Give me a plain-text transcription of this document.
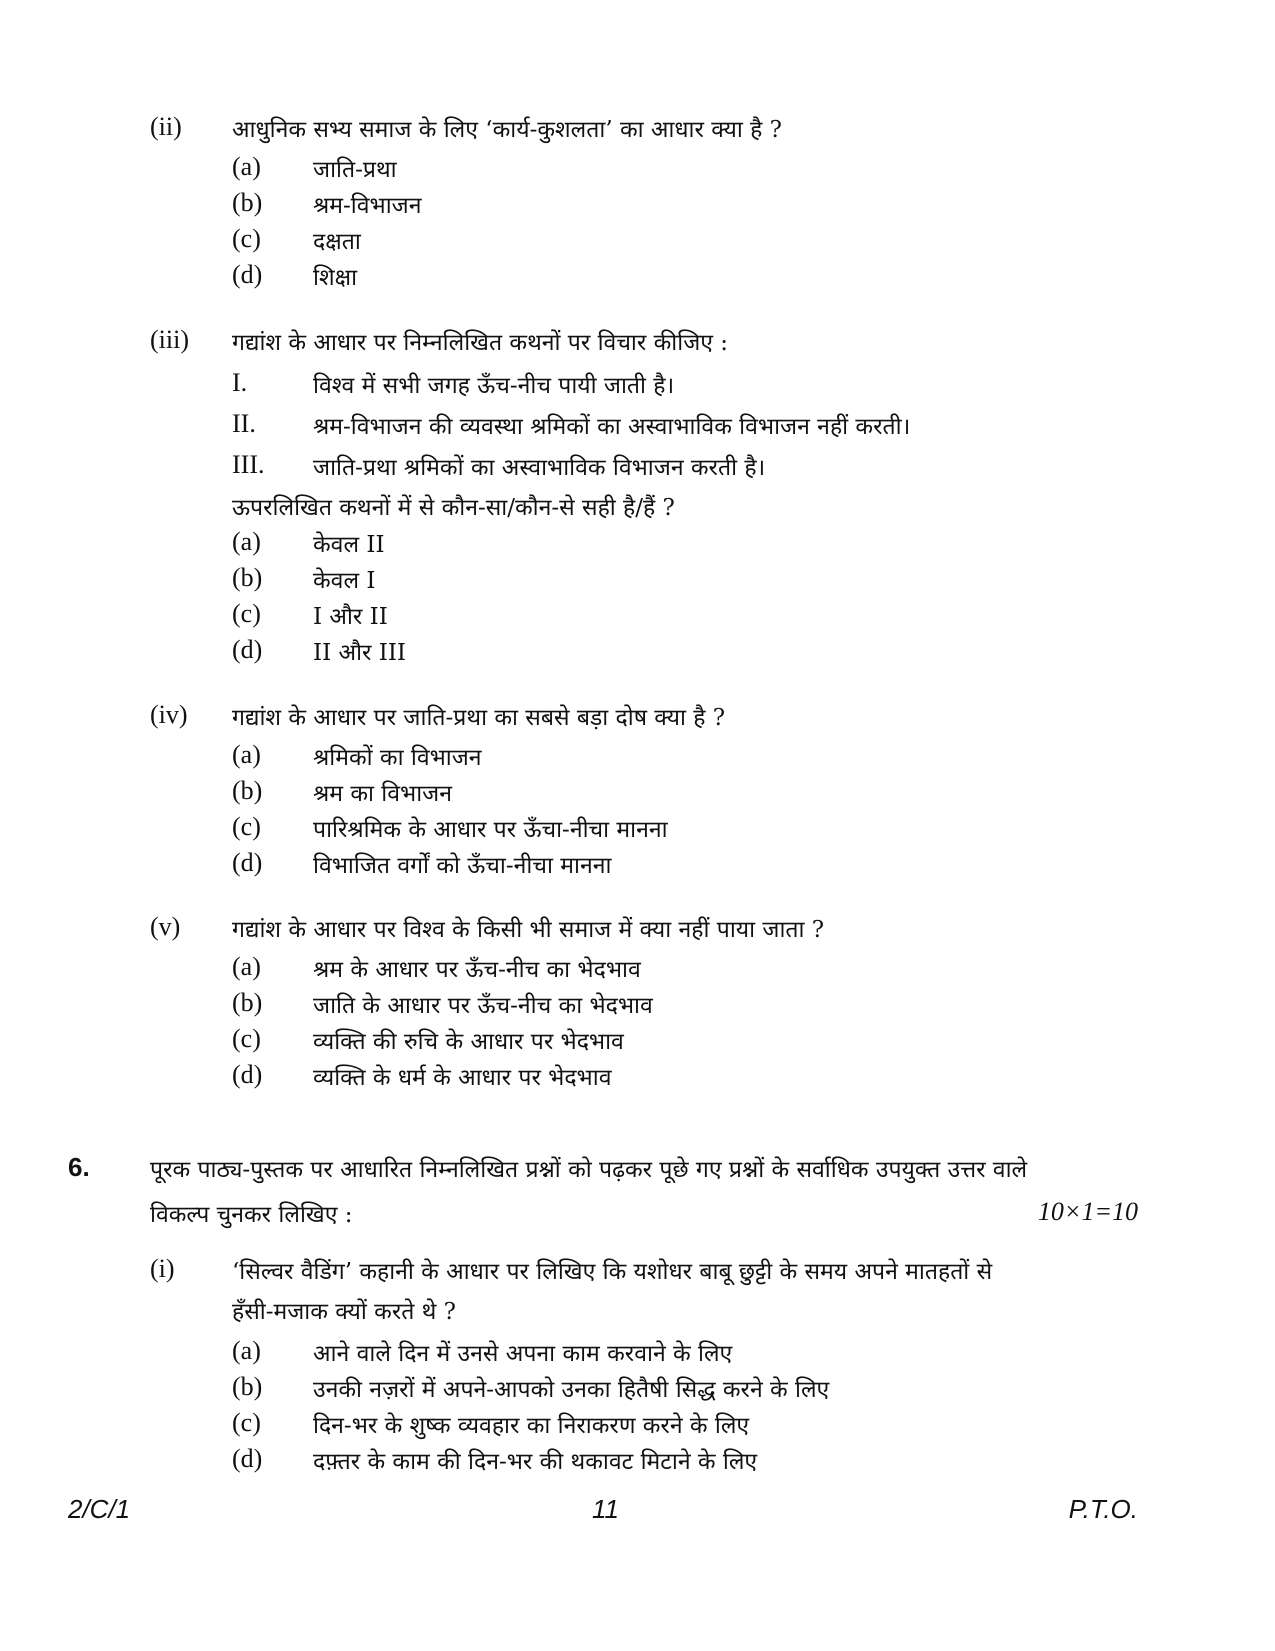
(ii) आधुनिक सभ्य समाज के लिए ‘कार्य-कुशलता’ का आधार क्या है ?
(a) जाति-प्रथा
(b) श्रम-विभाजन
(c) दक्षता
(d) शिक्षा
(iii) गद्यांश के आधार पर निम्नलिखित कथनों पर विचार कीजिए :
I.	विश्व में सभी जगह ऊँच-नीच पायी जाती है।
II. श्रम-विभाजन की व्यवस्था श्रमिकों का अस्वाभाविक विभाजन नहीं करती।
III. जाति-प्रथा श्रमिकों का अस्वाभाविक विभाजन करती है।
ऊपरलिखित कथनों में से कौन-सा/कौन-से सही है/हैं ?
(a) केवल II
(b) केवल I
(c) I और II
(d) II और III
(iv) गद्यांश के आधार पर जाति-प्रथा का सबसे बड़ा दोष क्या है ?
(a) श्रमिकों का विभाजन
(b) श्रम का विभाजन
(c) पारिश्रमिक के आधार पर ऊँचा-नीचा मानना
(d) विभाजित वर्गों को ऊँचा-नीचा मानना
(v) गद्यांश के आधार पर विश्व के किसी भी समाज में क्या नहीं पाया जाता ?
(a) श्रम के आधार पर ऊँच-नीच का भेदभाव
(b) जाति के आधार पर ऊँच-नीच का भेदभाव
(c) व्यक्ति की रुचि के आधार पर भेदभाव
(d) व्यक्ति के धर्म के आधार पर भेदभाव
6.	पूरक पाठ्य-पुस्तक पर आधारित निम्नलिखित प्रश्नों को पढ़कर पूछे गए प्रश्नों के सर्वाधिक उपयुक्त उत्तर वाले
विकल्प चुनकर लिखिए :	10×1=10
(i) ‘सिल्वर वैडिंग’ कहानी के आधार पर लिखिए कि यशोधर बाबू छुट्टी के समय अपने मातहतों से
हँसी-मजाक क्यों करते थे ?
(a) आने वाले दिन में उनसे अपना काम करवाने के लिए
(b) उनकी नज़रों में अपने-आपको उनका हितैषी सिद्ध करने के लिए
(c) दिन-भर के शुष्क व्यवहार का निराकरण करने के लिए
(d) दफ़्तर के काम की दिन-भर की थकावट मिटाने के लिए
2/C/1	11	P.T.O.
